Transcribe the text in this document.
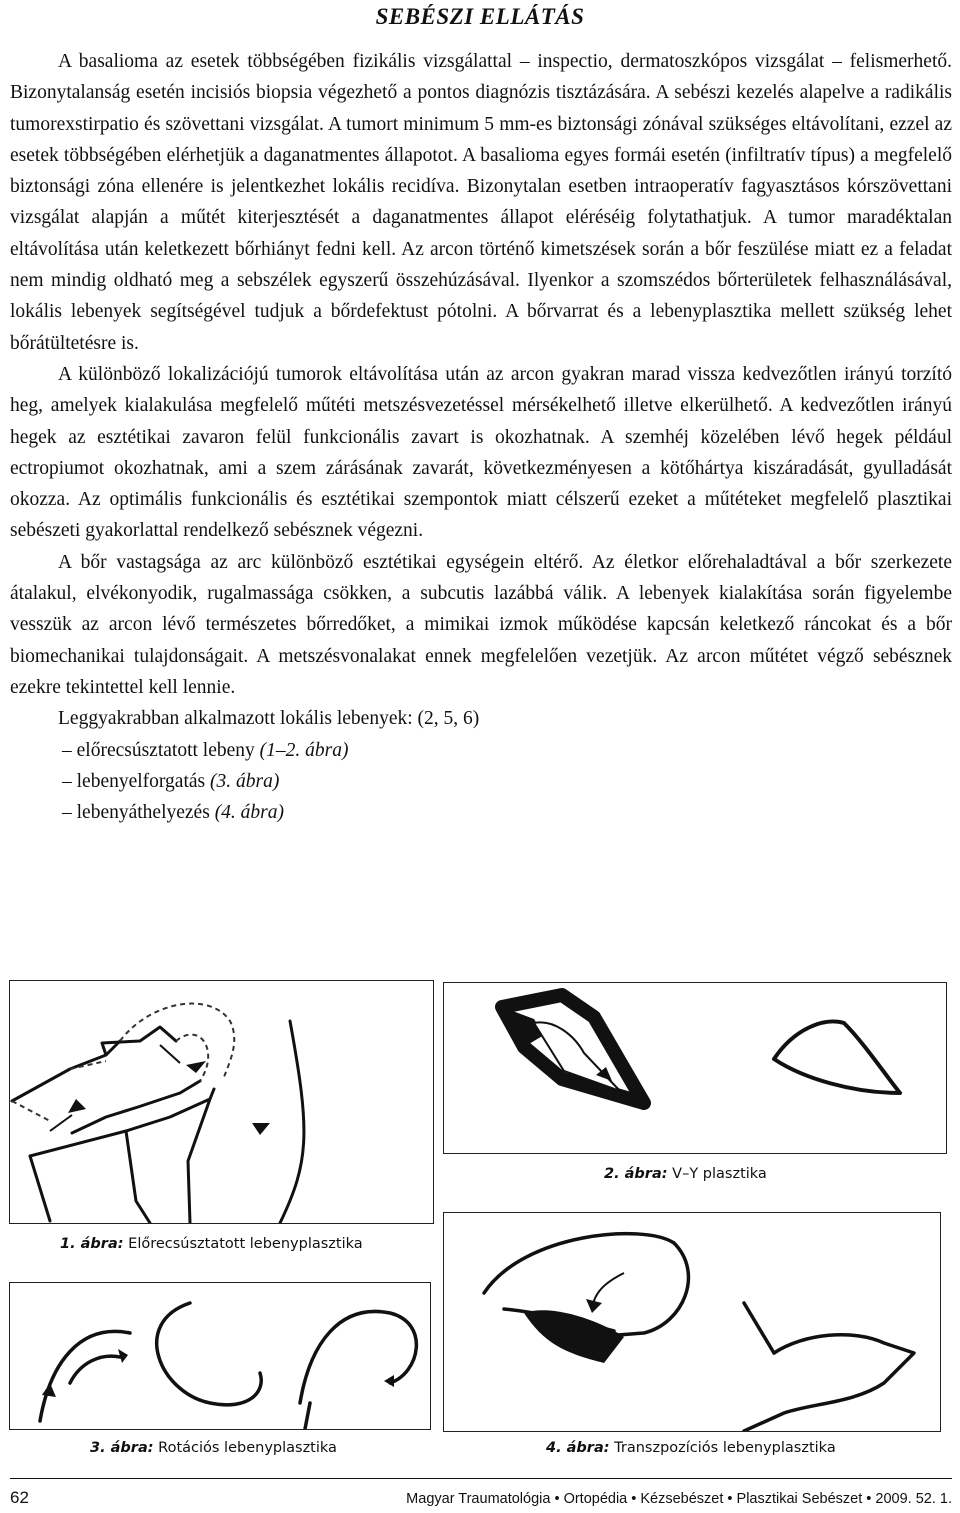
SEBÉSZI ELLÁTÁS

A basalioma az esetek többségében fizikális vizsgálattal – inspectio, dermatoszkópos vizsgálat – felismerhető. Bizonytalanság esetén incisiós biopsia végezhető a pontos diagnózis tisztázására. A sebészi kezelés alapelve a radikális tumorexstirpatio és szövettani vizsgálat. A tumort minimum 5 mm-es biztonsági zónával szükséges eltávolítani, ezzel az esetek többségében elérhetjük a daganatmentes állapotot. A basalioma egyes formái esetén (infiltratív típus) a megfelelő biztonsági zóna ellenére is jelentkezhet lokális recidíva. Bizonytalan esetben intraoperatív fagyasztásos kórszövettani vizsgálat alapján a műtét kiterjesztését a daganatmentes állapot eléréséig folytathatjuk. A tumor maradéktalan eltávolítása után keletkezett bőrhiányt fedni kell. Az arcon történő kimetszések során a bőr feszülése miatt ez a feladat nem mindig oldható meg a sebszélek egyszerű összehúzásával. Ilyenkor a szomszédos bőrterületek felhasználásával, lokális lebenyek segítségével tudjuk a bőrdefektust pótolni. A bőrvarrat és a lebenyplasztika mellett szükség lehet bőrátültetésre is.

A különböző lokalizációjú tumorok eltávolítása után az arcon gyakran marad vissza kedvezőtlen irányú torzító heg, amelyek kialakulása megfelelő műtéti metszésvezetéssel mérsékelhető illetve elkerülhető. A kedvezőtlen irányú hegek az esztétikai zavaron felül funkcionális zavart is okozhatnak. A szemhéj közelében lévő hegek például ectropiumot okozhatnak, ami a szem zárásának zavarát, következményesen a kötőhártya kiszáradását, gyulladását okozza. Az optimális funkcionális és esztétikai szempontok miatt célszerű ezeket a műtéteket megfelelő plasztikai sebészeti gyakorlattal rendelkező sebésznek végezni.

A bőr vastagsága az arc különböző esztétikai egységein eltérő. Az életkor előrehaladtával a bőr szerkezete átalakul, elvékonyodik, rugalmassága csökken, a subcutis lazábbá válik. A lebenyek kialakítása során figyelembe vesszük az arcon lévő természetes bőrredőket, a mimikai izmok működése kapcsán keletkező ráncokat és a bőr biomechanikai tulajdonságait. A metszésvonalakat ennek megfelelően vezetjük. Az arcon műtétet végző sebésznek ezekre tekintettel kell lennie.

Leggyakrabban alkalmazott lokális lebenyek: (2, 5, 6)

– előrecsúsztatott lebeny (1–2. ábra)

– lebenyelforgatás (3. ábra)

– lebenyáthelyezés (4. ábra)

1. ábra: Előrecsúsztatott lebenyplasztika
2. ábra: V–Y plasztika
3. ábra: Rotációs lebenyplasztika	4. ábra: Transzpozíciós lebenyplasztika
62	Magyar Traumatológia • Ortopédia • Kézsebészet • Plasztikai Sebészet • 2009. 52. 1.
